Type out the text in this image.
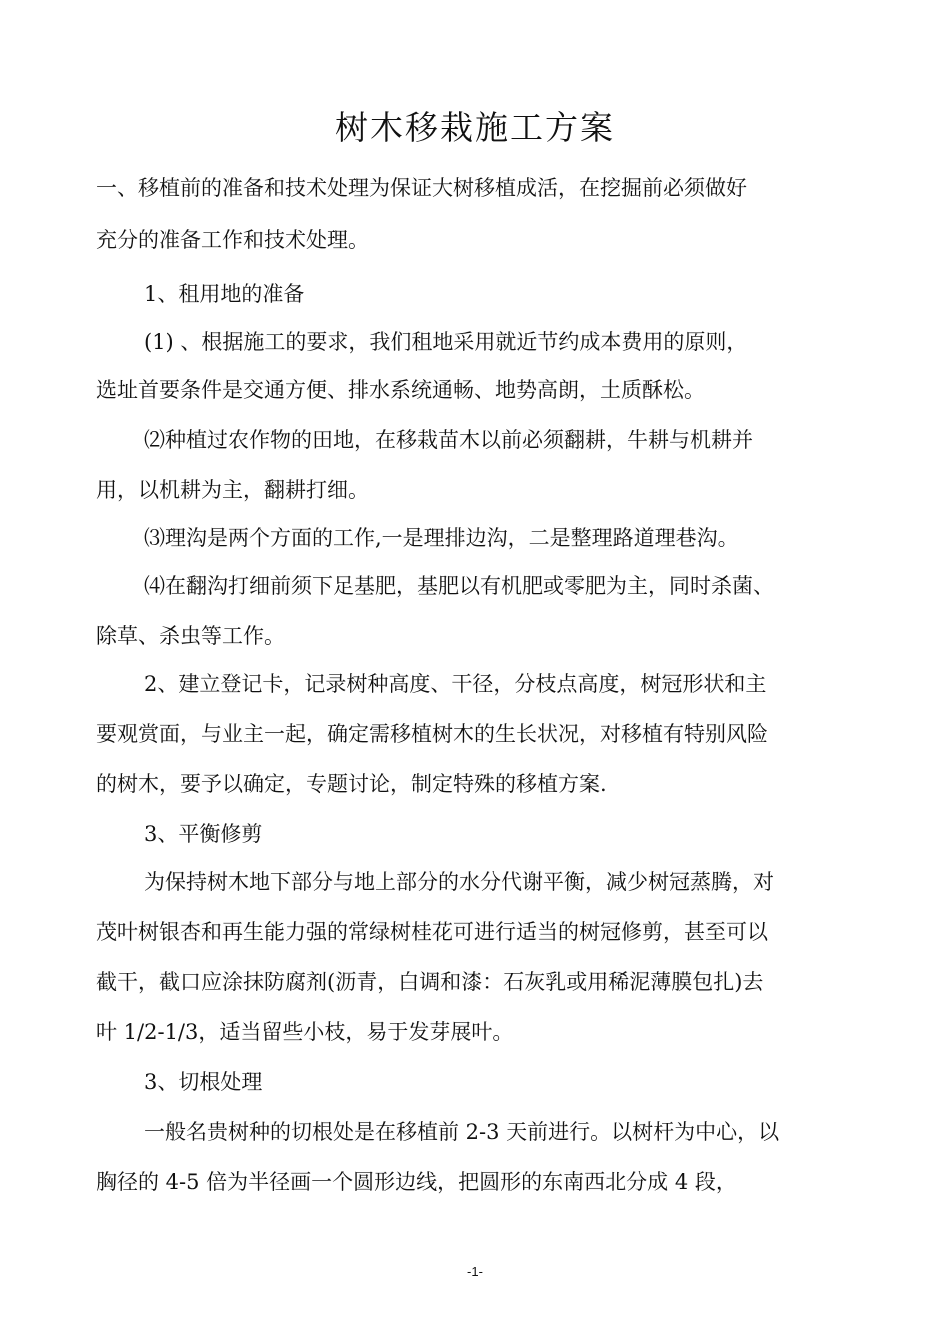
树木移栽施工方案
一、移植前的准备和技术处理为保证大树移植成活，在挖掘前必须做好
充分的准备工作和技术处理。
1、租用地的准备
(1) 、根据施工的要求，我们租地采用就近节约成本费用的原则，
选址首要条件是交通方便、排水系统通畅、地势高朗，土质酥松。
⑵种植过农作物的田地，在移栽苗木以前必须翻耕，牛耕与机耕并
用，以机耕为主，翻耕打细。
⑶理沟是两个方面的工作,一是理排边沟，二是整理路道理巷沟。
⑷在翻沟打细前须下足基肥，基肥以有机肥或零肥为主，同时杀菌、
除草、杀虫等工作。
2、建立登记卡，记录树种高度、干径，分枝点高度，树冠形状和主
要观赏面，与业主一起，确定需移植树木的生长状况，对移植有特别风险
的树木，要予以确定，专题讨论，制定特殊的移植方案.
3、平衡修剪
为保持树木地下部分与地上部分的水分代谢平衡，减少树冠蒸腾，对
茂叶树银杏和再生能力强的常绿树桂花可进行适当的树冠修剪，甚至可以
截干，截口应涂抹防腐剂(沥青，白调和漆：石灰乳或用稀泥薄膜包扎)去
叶 1/2-1/3，适当留些小枝，易于发芽展叶。
3、切根处理
一般名贵树种的切根处是在移植前 2-3 天前进行。以树杆为中心，以
胸径的 4-5 倍为半径画一个圆形边线，把圆形的东南西北分成 4 段，
-1-
